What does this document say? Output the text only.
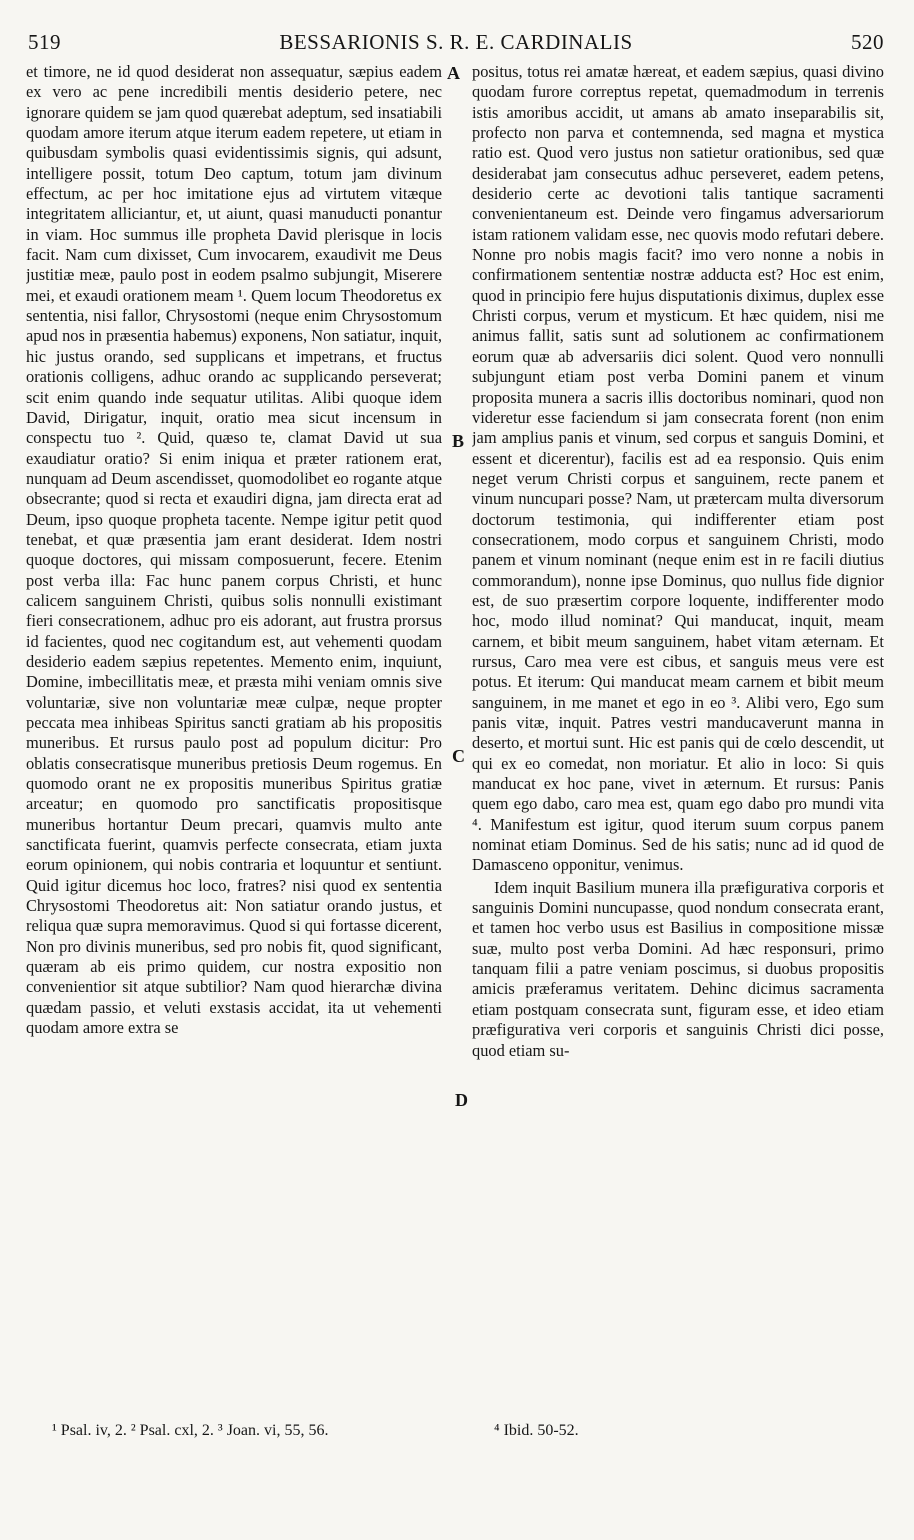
519	BESSARIONIS S. R. E. CARDINALIS	520

et timore, ne id quod desiderat non assequatur, sæpius eadem ex vero ac pene incredibili mentis desiderio petere, nec ignorare quidem se jam quod quærebat adeptum, sed insatiabili quodam amore iterum atque iterum eadem repetere, ut etiam in quibusdam symbolis quasi evidentissimis signis, qui adsunt, intelligere possit, totum Deo captum, totum jam divinum effectum, ac per hoc imitatione ejus ad virtutem vitæque integritatem alliciantur, et, ut aiunt, quasi manuducti ponantur in viam. Hoc summus ille propheta David plerisque in locis facit. Nam cum dixisset, Cum invocarem, exaudivit me Deus justitiæ meæ, paulo post in eodem psalmo subjungit, Miserere mei, et exaudi orationem meam ¹. Quem locum Theodoretus ex sententia, nisi fallor, Chrysostomi (neque enim Chrysostomum apud nos in præsentia habemus) exponens, Non satiatur, inquit, hic justus orando, sed supplicans et impetrans, et fructus orationis colligens, adhuc orando ac supplicando perseverat; scit enim quando inde sequatur utilitas. Alibi quoque idem David, Dirigatur, inquit, oratio mea sicut incensum in conspectu tuo ². Quid, quæso te, clamat David ut sua exaudiatur oratio? Si enim iniqua et præter rationem erat, nunquam ad Deum ascendisset, quomodolibet eo rogante atque obsecrante; quod si recta et exaudiri digna, jam directa erat ad Deum, ipso quoque propheta tacente. Nempe igitur petit quod tenebat, et quæ præsentia jam erant desiderat. Idem nostri quoque doctores, qui missam composuerunt, fecere. Etenim post verba illa: Fac hunc panem corpus Christi, et hunc calicem sanguinem Christi, quibus solis nonnulli existimant fieri consecrationem, adhuc pro eis adorant, aut frustra prorsus id facientes, quod nec cogitandum est, aut vehementi quodam desiderio eadem sæpius repetentes. Memento enim, inquiunt, Domine, imbecillitatis meæ, et præsta mihi veniam omnis sive voluntariæ, sive non voluntariæ meæ culpæ, neque propter peccata mea inhibeas Spiritus sancti gratiam ab his propositis muneribus. Et rursus paulo post ad populum dicitur: Pro oblatis consecratisque muneribus pretiosis Deum rogemus. En quomodo orant ne ex propositis muneribus Spiritus gratiæ arceatur; en quomodo pro sanctificatis propositisque muneribus hortantur Deum precari, quamvis multo ante sanctificata fuerint, quamvis perfecte consecrata, etiam juxta eorum opinionem, qui nobis contraria et loquuntur et sentiunt. Quid igitur dicemus hoc loco, fratres? nisi quod ex sententia Chrysostomi Theodoretus ait: Non satiatur orando justus, et reliqua quæ supra memoravimus. Quod si qui fortasse dicerent, Non pro divinis muneribus, sed pro nobis fit, quod significant, quæram ab eis primo quidem, cur nostra expositio non convenientior sit atque subtilior? Nam quod hierarchæ divina quædam passio, et veluti exstasis accidat, ita ut vehementi quodam amore extra se

A
B
C
D

positus, totus rei amatæ hæreat, et eadem sæpius, quasi divino quodam furore correptus repetat, quemadmodum in terrenis istis amoribus accidit, ut amans ab amato inseparabilis sit, profecto non parva et contemnenda, sed magna et mystica ratio est. Quod vero justus non satietur orationibus, sed quæ desiderabat jam consecutus adhuc perseveret, eadem petens, desiderio certe ac devotioni talis tantique sacramenti convenientaneum est. Deinde vero fingamus adversariorum istam rationem validam esse, nec quovis modo refutari debere. Nonne pro nobis magis facit? imo vero nonne a nobis in confirmationem sententiæ nostræ adducta est? Hoc est enim, quod in principio fere hujus disputationis diximus, duplex esse Christi corpus, verum et mysticum. Et hæc quidem, nisi me animus fallit, satis sunt ad solutionem ac confirmationem eorum quæ ab adversariis dici solent. Quod vero nonnulli subjungunt etiam post verba Domini panem et vinum proposita munera a sacris illis doctoribus nominari, quod non videretur esse faciendum si jam consecrata forent (non enim jam amplius panis et vinum, sed corpus et sanguis Domini, et essent et dicerentur), facilis est ad ea responsio. Quis enim neget verum Christi corpus et sanguinem, recte panem et vinum nuncupari posse? Nam, ut prætercam multa diversorum doctorum testimonia, qui indifferenter etiam post consecrationem, modo corpus et sanguinem Christi, modo panem et vinum nominant (neque enim est in re facili diutius commorandum), nonne ipse Dominus, quo nullus fide dignior est, de suo præsertim corpore loquente, indifferenter modo hoc, modo illud nominat? Qui manducat, inquit, meam carnem, et bibit meum sanguinem, habet vitam æternam. Et rursus, Caro mea vere est cibus, et sanguis meus vere est potus. Et iterum: Qui manducat meam carnem et bibit meum sanguinem, in me manet et ego in eo ³. Alibi vero, Ego sum panis vitæ, inquit. Patres vestri manducaverunt manna in deserto, et mortui sunt. Hic est panis qui de cœlo descendit, ut qui ex eo comedat, non moriatur. Et alio in loco: Si quis manducat ex hoc pane, vivet in æternum. Et rursus: Panis quem ego dabo, caro mea est, quam ego dabo pro mundi vita ⁴. Manifestum est igitur, quod iterum suum corpus panem nominat etiam Dominus. Sed de his satis; nunc ad id quod de Damasceno opponitur, venimus.

Idem inquit Basilium munera illa præfigurativa corporis et sanguinis Domini nuncupasse, quod nondum consecrata erant, et tamen hoc verbo usus est Basilius in compositione missæ suæ, multo post verba Domini. Ad hæc responsuri, primo tanquam filii a patre veniam poscimus, si duobus propositis amicis præferamus veritatem. Dehinc dicimus sacramenta etiam postquam consecrata sunt, figuram esse, et ideo etiam præfigurativa veri corporis et sanguinis Christi dici posse, quod etiam su-

¹ Psal. iv, 2. ² Psal. cxl, 2. ³ Joan. vi, 55, 56.	⁴ Ibid. 50-52.
